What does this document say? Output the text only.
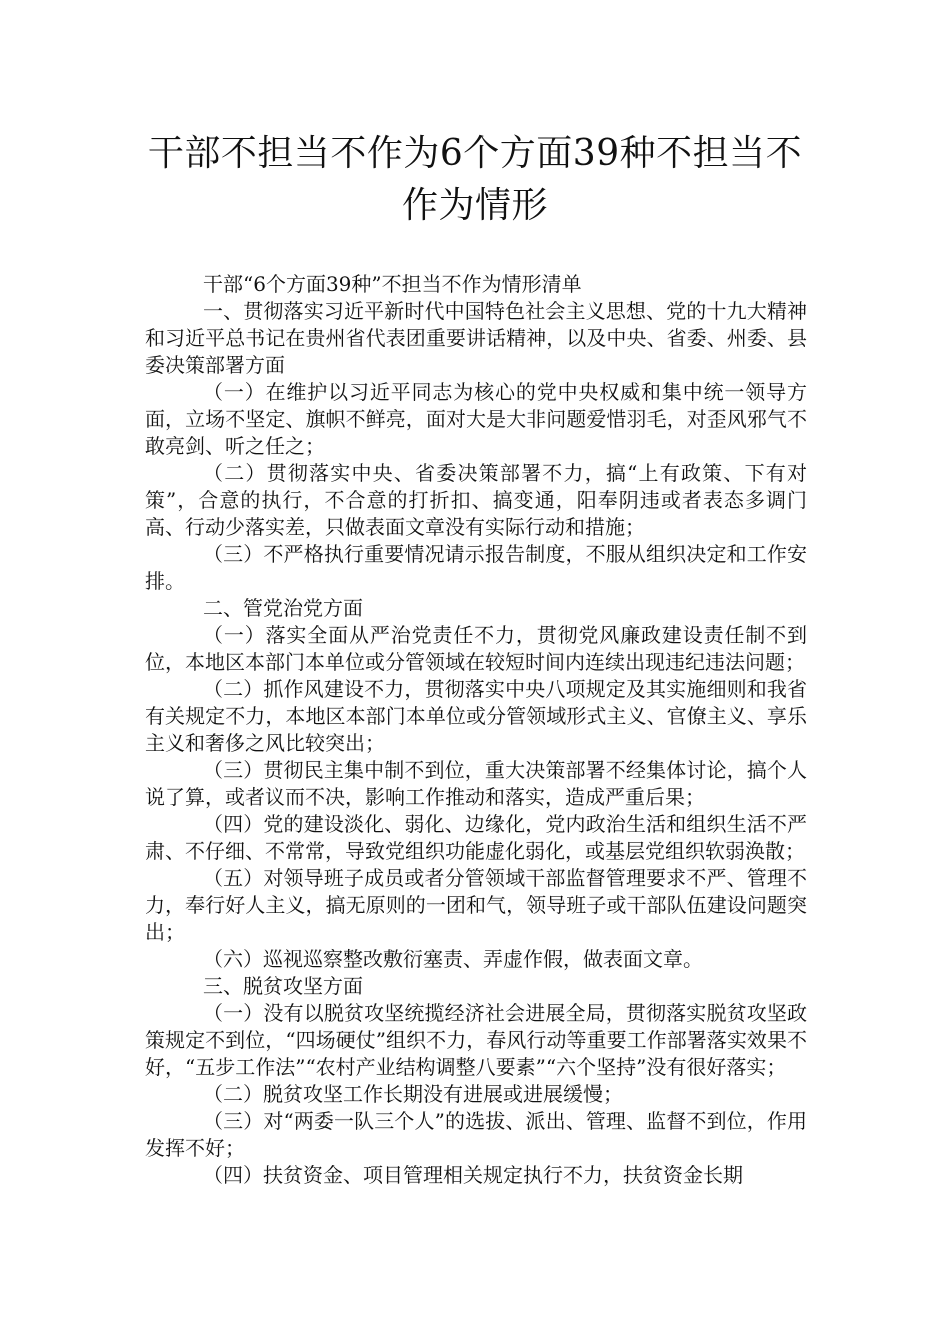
干部不担当不作为6个方面39种不担当不作为情形

干部“6个方面39种”不担当不作为情形清单

一、贯彻落实习近平新时代中国特色社会主义思想、党的十九大精神和习近平总书记在贵州省代表团重要讲话精神，以及中央、省委、州委、县委决策部署方面

（一）在维护以习近平同志为核心的党中央权威和集中统一领导方面，立场不坚定、旗帜不鲜亮，面对大是大非问题爱惜羽毛，对歪风邪气不敢亮剑、听之任之；

（二）贯彻落实中央、省委决策部署不力，搞“上有政策、下有对策”，合意的执行，不合意的打折扣、搞变通，阳奉阴违或者表态多调门高、行动少落实差，只做表面文章没有实际行动和措施；

（三）不严格执行重要情况请示报告制度，不服从组织决定和工作安排。

二、管党治党方面

（一）落实全面从严治党责任不力，贯彻党风廉政建设责任制不到位，本地区本部门本单位或分管领域在较短时间内连续出现违纪违法问题；

（二）抓作风建设不力，贯彻落实中央八项规定及其实施细则和我省有关规定不力，本地区本部门本单位或分管领域形式主义、官僚主义、享乐主义和奢侈之风比较突出；

（三）贯彻民主集中制不到位，重大决策部署不经集体讨论，搞个人说了算，或者议而不决，影响工作推动和落实，造成严重后果；

（四）党的建设淡化、弱化、边缘化，党内政治生活和组织生活不严肃、不仔细、不常常，导致党组织功能虚化弱化，或基层党组织软弱涣散；

（五）对领导班子成员或者分管领域干部监督管理要求不严、管理不力，奉行好人主义，搞无原则的一团和气，领导班子或干部队伍建设问题突出；

（六）巡视巡察整改敷衍塞责、弄虚作假，做表面文章。

三、脱贫攻坚方面

（一）没有以脱贫攻坚统揽经济社会进展全局，贯彻落实脱贫攻坚政策规定不到位，“四场硬仗”组织不力，春风行动等重要工作部署落实效果不好，“五步工作法”“农村产业结构调整八要素”“六个坚持”没有很好落实；

（二）脱贫攻坚工作长期没有进展或进展缓慢；

（三）对“两委一队三个人”的选拔、派出、管理、监督不到位，作用发挥不好；

（四）扶贫资金、项目管理相关规定执行不力，扶贫资金长期
